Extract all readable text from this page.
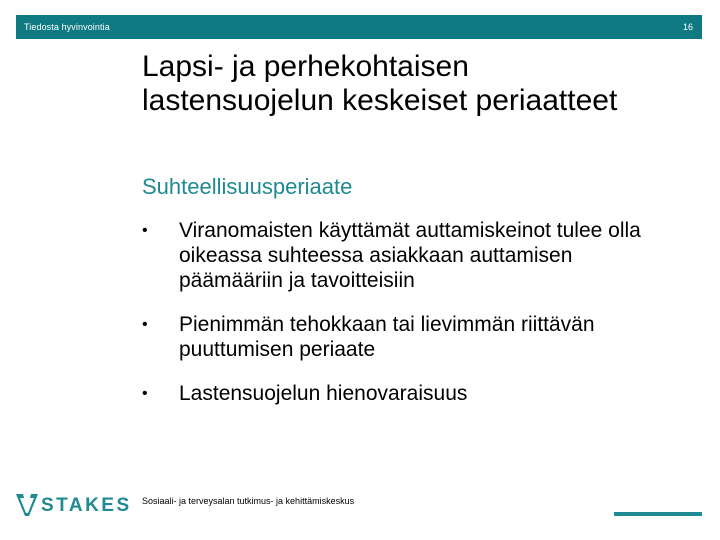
Tiedosta hyvinvointia	16
Lapsi- ja perhekohtaisen lastensuojelun keskeiset periaatteet
Suhteellisuusperiaate
• Viranomaisten käyttämät auttamiskeinot tulee olla oikeassa suhteessa asiakkaan auttamisen päämääriin ja tavoitteisiin
• Pienimmän tehokkaan tai lievimmän riittävän puuttumisen periaate
• Lastensuojelun hienovaraisuus
STAKES Sosiaali- ja terveysalan tutkimus- ja kehittämiskeskus
